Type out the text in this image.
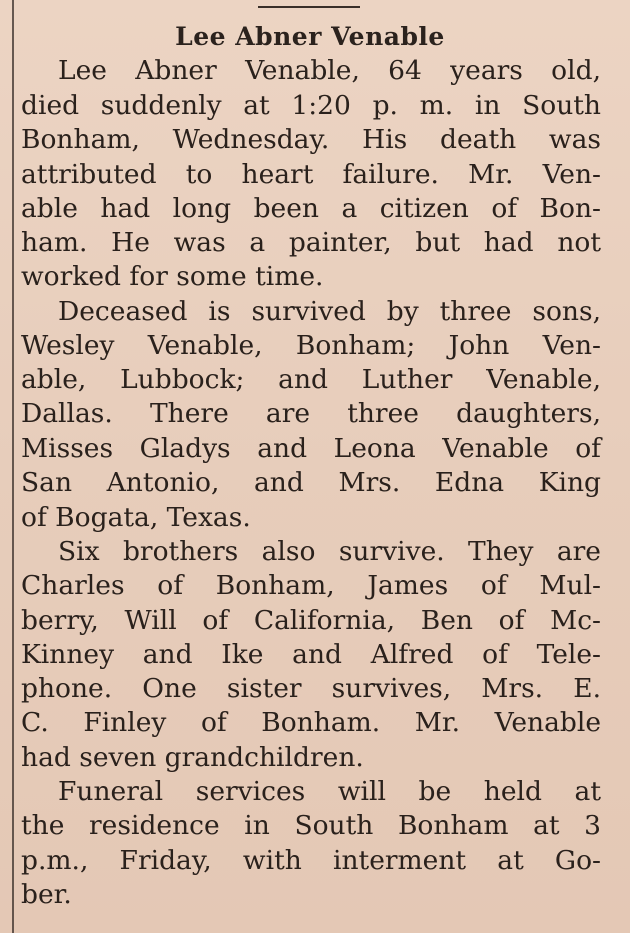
Lee Abner Venable
Lee Abner Venable, 64 years old,
died suddenly at 1:20 p. m. in South
Bonham, Wednesday. His death was
attributed to heart failure. Mr. Ven-
able had long been a citizen of Bon-
ham. He was a painter, but had not
worked for some time.
Deceased is survived by three sons,
Wesley Venable, Bonham; John Ven-
able, Lubbock; and Luther Venable,
Dallas. There are three daughters,
Misses Gladys and Leona Venable of
San Antonio, and Mrs. Edna King
of Bogata, Texas.
Six brothers also survive. They are
Charles of Bonham, James of Mul-
berry, Will of California, Ben of Mc-
Kinney and Ike and Alfred of Tele-
phone. One sister survives, Mrs. E.
C. Finley of Bonham. Mr. Venable
had seven grandchildren.
Funeral services will be held at
the residence in South Bonham at 3
p.m., Friday, with interment at Go-
ber.
